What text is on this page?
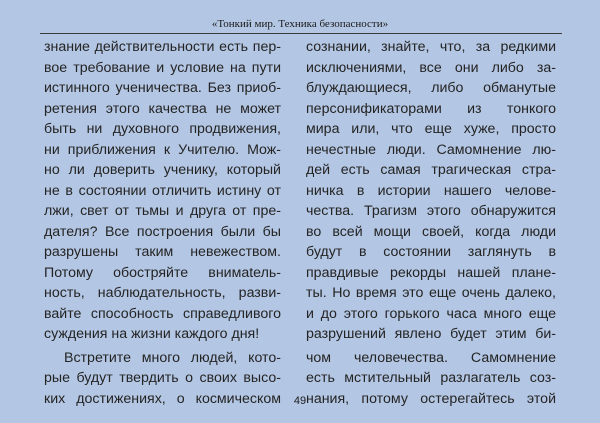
«Тонкий мир. Техника безопасности»
знание действительности есть пер-
вое требование и условие на пути
истинного ученичества. Без приоб-
ретения этого качества не может
быть ни духовного продвижения,
ни приближения к Учителю. Мож-
но ли доверить ученику, который
не в состоянии отличить истину от
лжи, свет от тьмы и друга от пре-
дателя? Все построения были бы
разрушены таким невежеством.
Потому обостряйте внимatель-
ность, наблюдательность, разви-
вайте способность справедливого
суждения на жизни каждого дня!
Встретите много людей, кото-
рые будут твердить о своих высо-
ких достижениях, о космическом
сознании, знайте, что, за редкими
исключениями, все они либо за-
блуждающиеся, либо обманутые
персонификаторами из тонкого
мира или, что еще хуже, просто
нечестные люди. Самомнение лю-
дей есть самая трагическая стра-
ничка в истории нашего челове-
чества. Трагизм этого обнаружится
во всей мощи своей, когда люди
будут в состоянии заглянуть в
правдивые рекорды нашей плане-
ты. Но время это еще очень далеко,
и до этого горького часа много еще
разрушений явлено будет этим би-
чом человечества. Самомнение
есть мстительный разлагатель соз-
нания, потому остерегайтесь этой
49
